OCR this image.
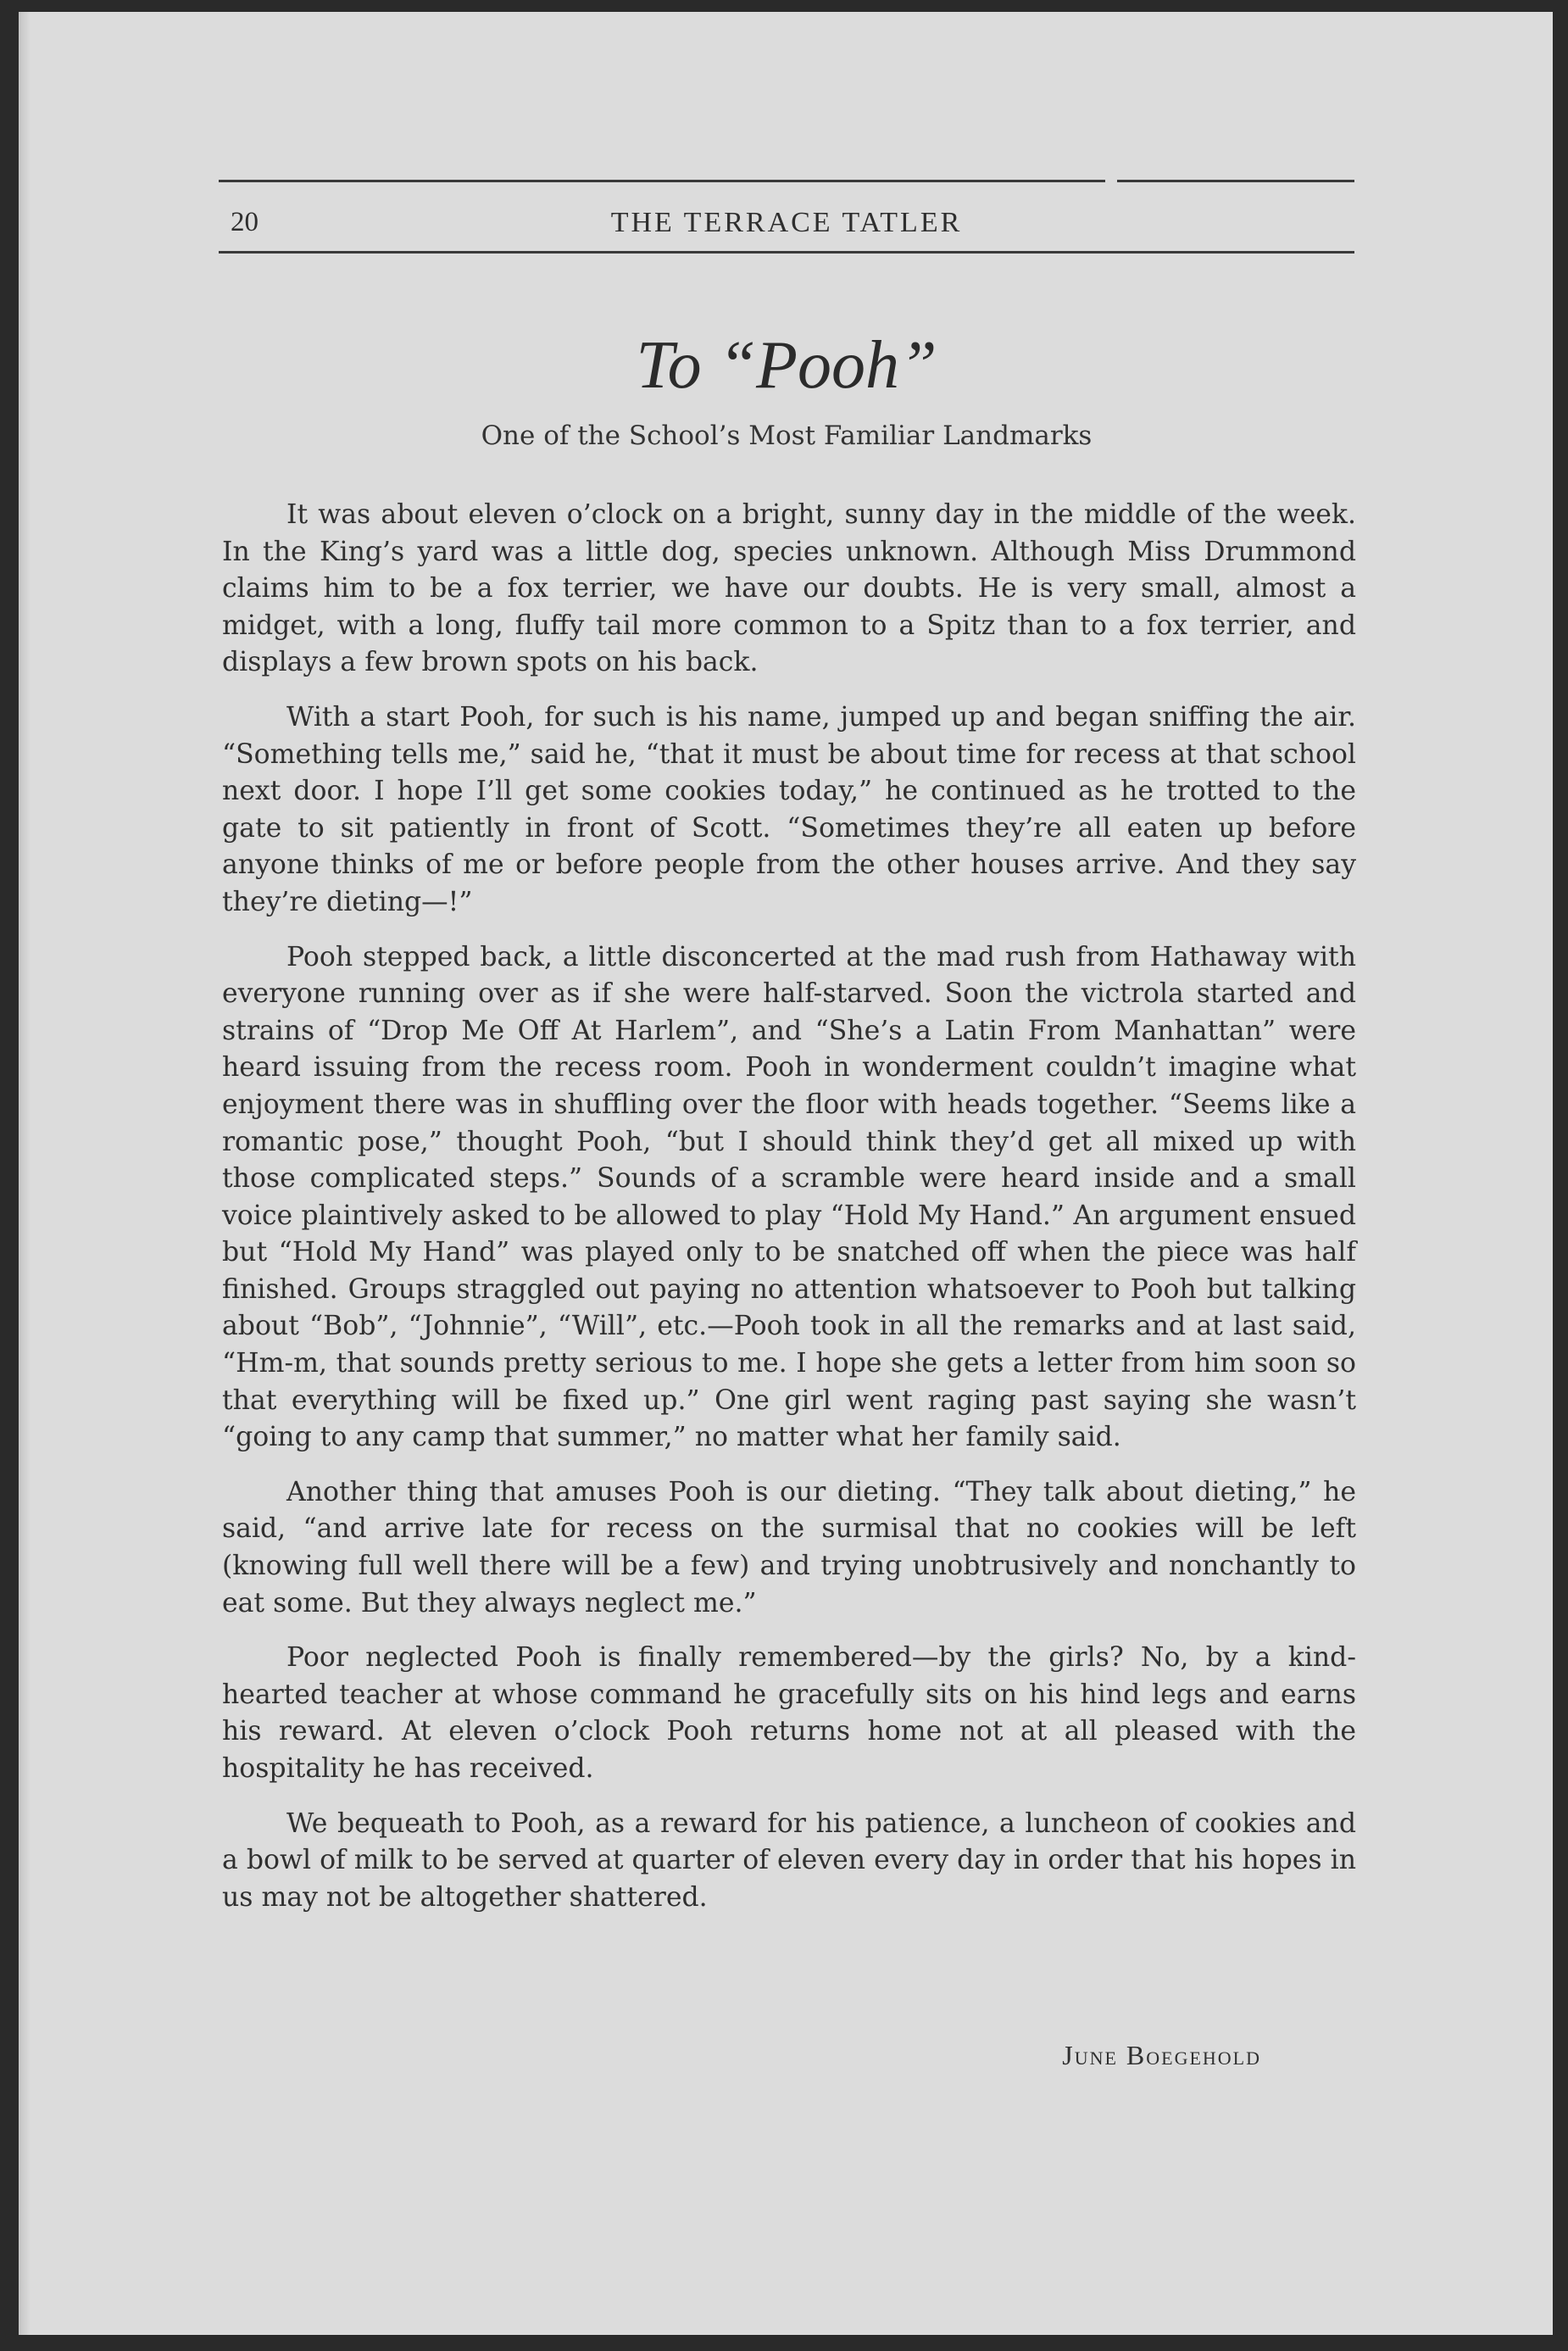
20	THE TERRACE TATLER
To “Pooh”
One of the School’s Most Familiar Landmarks

It was about eleven o’clock on a bright, sunny day in the middle of the week. In the King’s yard was a little dog, species unknown. Although Miss Drummond claims him to be a fox terrier, we have our doubts. He is very small, almost a midget, with a long, fluffy tail more common to a Spitz than to a fox terrier, and displays a few brown spots on his back.

With a start Pooh, for such is his name, jumped up and began sniffing the air. “Something tells me,” said he, “that it must be about time for recess at that school next door. I hope I’ll get some cookies today,” he continued as he trotted to the gate to sit patiently in front of Scott. “Sometimes they’re all eaten up before anyone thinks of me or before people from the other houses arrive. And they say they’re dieting—!”

Pooh stepped back, a little disconcerted at the mad rush from Hathaway with everyone running over as if she were half-starved. Soon the victrola started and strains of “Drop Me Off At Harlem”, and “She’s a Latin From Manhattan” were heard issuing from the recess room. Pooh in wonderment couldn’t imagine what enjoyment there was in shuffling over the floor with heads together. “Seems like a romantic pose,” thought Pooh, “but I should think they’d get all mixed up with those complicated steps.” Sounds of a scramble were heard inside and a small voice plaintively asked to be allowed to play “Hold My Hand.” An argument ensued but “Hold My Hand” was played only to be snatched off when the piece was half finished. Groups straggled out paying no attention whatsoever to Pooh but talking about “Bob”, “Johnnie”, “Will”, etc.—Pooh took in all the remarks and at last said, “Hm-m, that sounds pretty serious to me. I hope she gets a letter from him soon so that everything will be fixed up.” One girl went raging past saying she wasn’t “going to any camp that summer,” no matter what her family said.

Another thing that amuses Pooh is our dieting. “They talk about dieting,” he said, “and arrive late for recess on the surmisal that no cookies will be left (knowing full well there will be a few) and trying unobtrusively and nonchantly to eat some. But they always neglect me.”

Poor neglected Pooh is finally remembered—by the girls? No, by a kind-hearted teacher at whose command he gracefully sits on his hind legs and earns his reward. At eleven o’clock Pooh returns home not at all pleased with the hospitality he has received.

We bequeath to Pooh, as a reward for his patience, a luncheon of cookies and a bowl of milk to be served at quarter of eleven every day in order that his hopes in us may not be altogether shattered.

June Boegehold
